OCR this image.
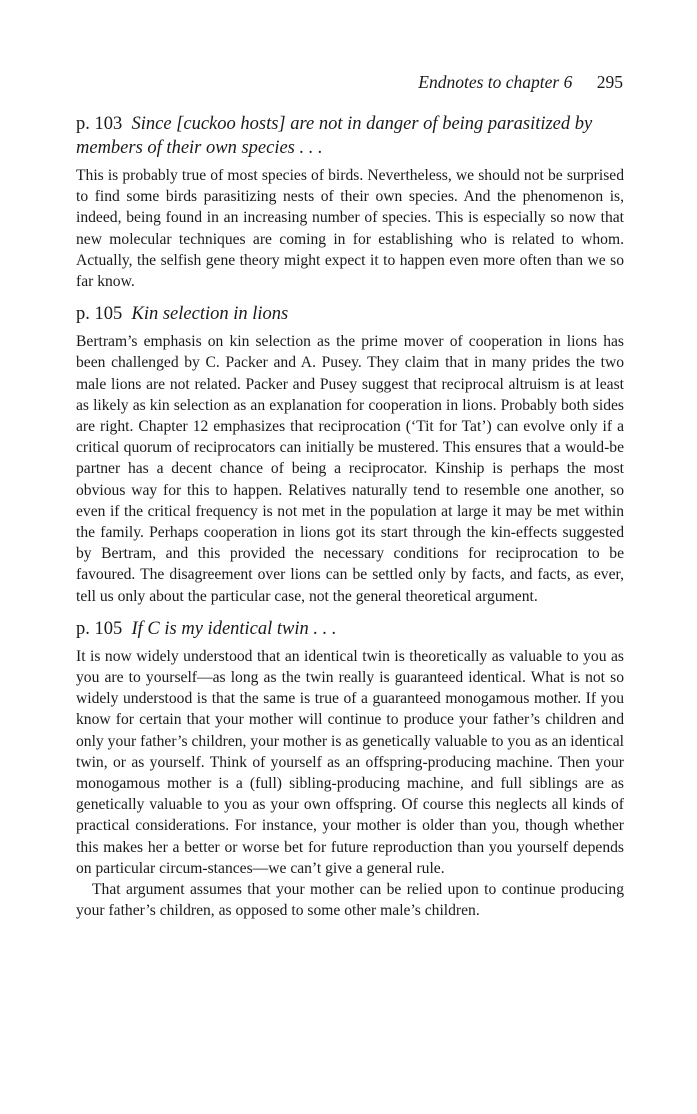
Endnotes to chapter 6 295

p. 103 Since [cuckoo hosts] are not in danger of being parasitized by members of their own species . . .

This is probably true of most species of birds. Nevertheless, we should not be surprised to find some birds parasitizing nests of their own species. And the phenomenon is, indeed, being found in an increasing number of species. This is especially so now that new molecular techniques are coming in for establishing who is related to whom. Actually, the selfish gene theory might expect it to happen even more often than we so far know.

p. 105 Kin selection in lions

Bertram’s emphasis on kin selection as the prime mover of cooperation in lions has been challenged by C. Packer and A. Pusey. They claim that in many prides the two male lions are not related. Packer and Pusey suggest that reciprocal altruism is at least as likely as kin selection as an explanation for cooperation in lions. Probably both sides are right. Chapter 12 emphasizes that reciprocation (‘Tit for Tat’) can evolve only if a critical quorum of reciprocators can initially be mustered. This ensures that a would-be partner has a decent chance of being a reciprocator. Kinship is perhaps the most obvious way for this to happen. Relatives naturally tend to resemble one another, so even if the critical frequency is not met in the population at large it may be met within the family. Perhaps cooperation in lions got its start through the kin-effects suggested by Bertram, and this provided the necessary conditions for reciprocation to be favoured. The disagreement over lions can be settled only by facts, and facts, as ever, tell us only about the particular case, not the general theoretical argument.

p. 105 If C is my identical twin . . .

It is now widely understood that an identical twin is theoretically as valuable to you as you are to yourself—as long as the twin really is guaranteed identical. What is not so widely understood is that the same is true of a guaranteed monogamous mother. If you know for certain that your mother will continue to produce your father’s children and only your father’s children, your mother is as genetically valuable to you as an identical twin, or as yourself. Think of yourself as an offspring-producing machine. Then your monogamous mother is a (full) sibling-producing machine, and full siblings are as genetically valuable to you as your own offspring. Of course this neglects all kinds of practical considerations. For instance, your mother is older than you, though whether this makes her a better or worse bet for future reproduction than you yourself depends on particular circum-stances—we can’t give a general rule.

That argument assumes that your mother can be relied upon to continue producing your father’s children, as opposed to some other male’s children.
